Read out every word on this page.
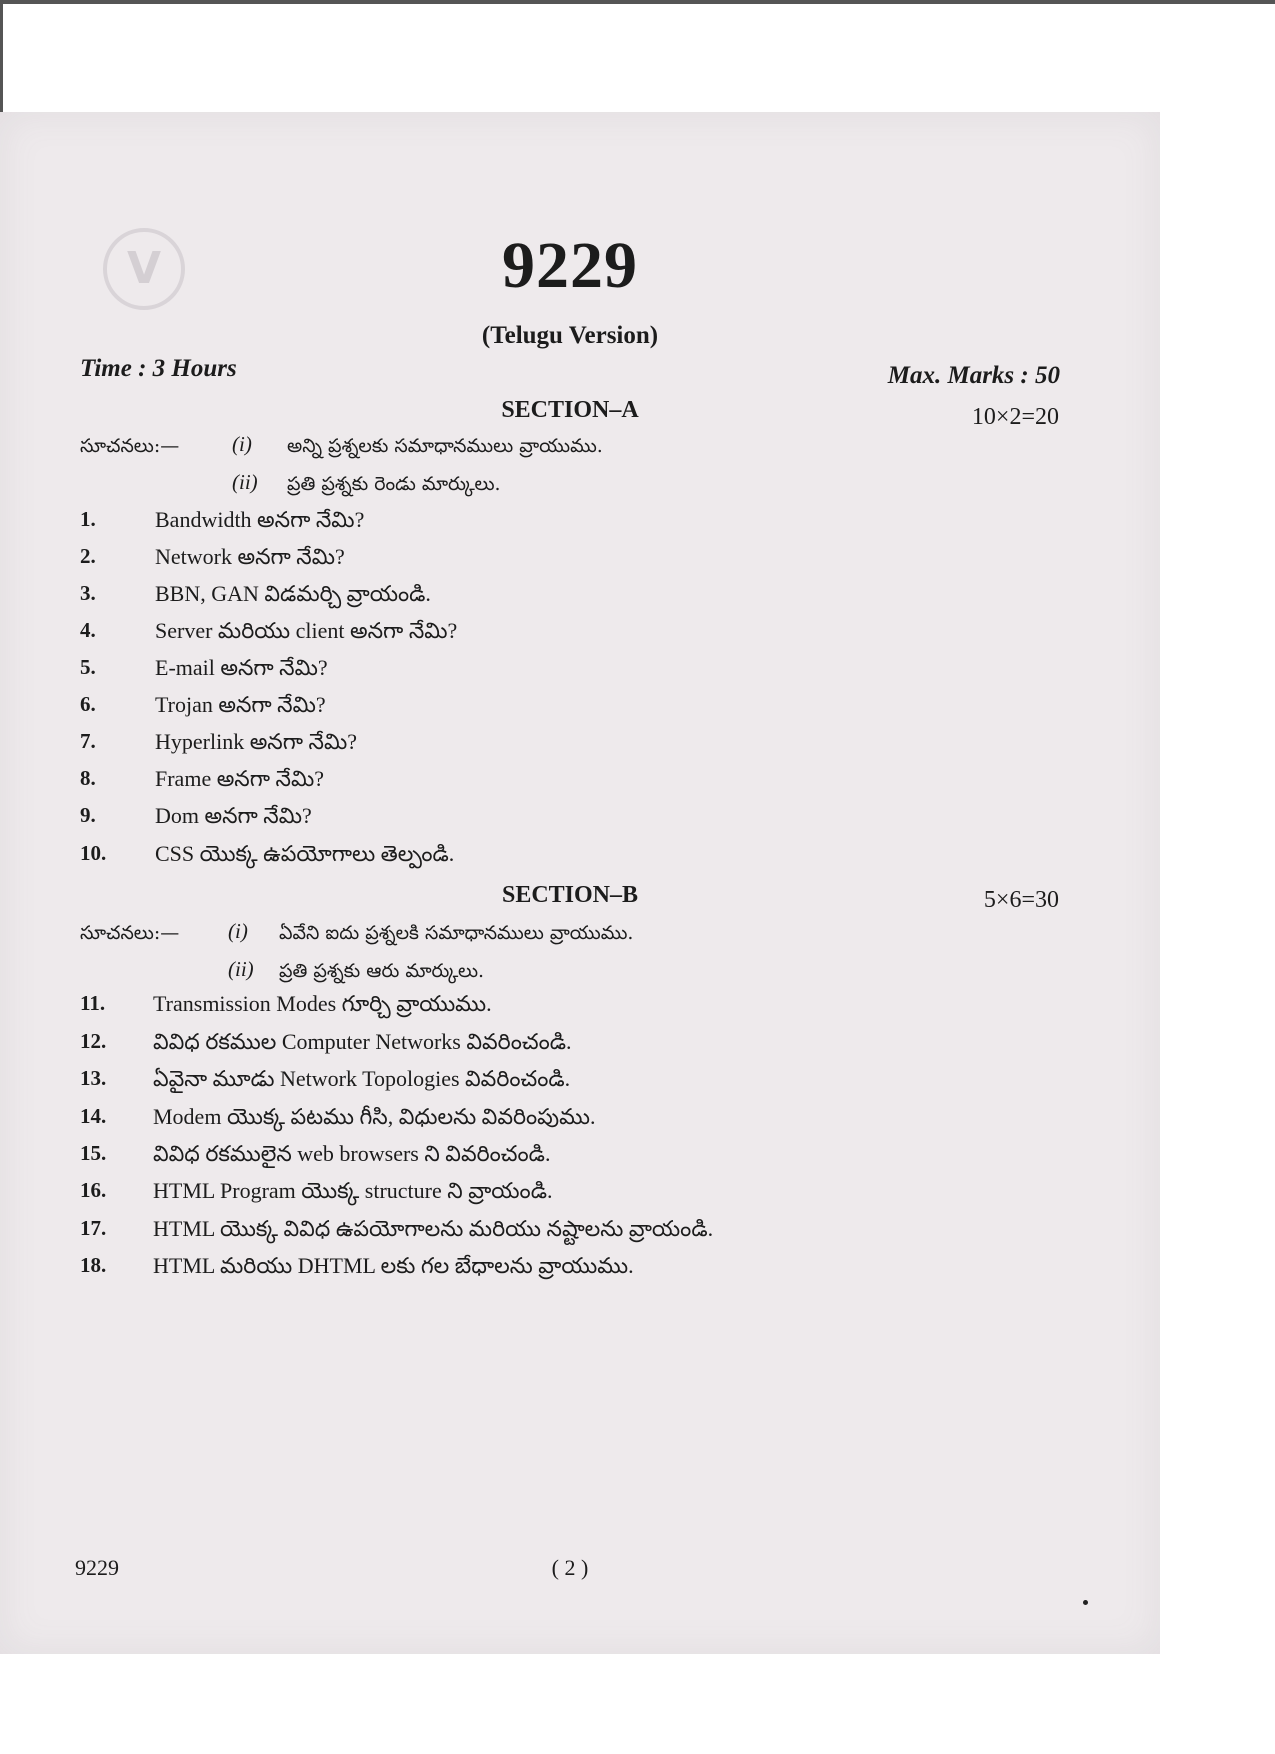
V	9229
(Telugu Version)
Time : 3 Hours	Max. Marks : 50
SECTION–A	10×2=20
సూచనలు:—	(i) అన్ని ప్రశ్నలకు సమాధానములు వ్రాయుము.
(ii) ప్రతి ప్రశ్నకు రెండు మార్కులు.
1.	Bandwidth అనగా నేమి?
2.	Network అనగా నేమి?
3.	BBN, GAN విడమర్చి వ్రాయండి.
4.	Server మరియు client అనగా నేమి?
5.	E-mail అనగా నేమి?
6.	Trojan అనగా నేమి?
7.	Hyperlink అనగా నేమి?
8.	Frame అనగా నేమి?
9.	Dom అనగా నేమి?
10. CSS యొక్క ఉపయోగాలు తెల్పండి.
SECTION–B	5×6=30
సూచనలు:— (i) ఏవేని ఐదు ప్రశ్నలకి సమాధానములు వ్రాయుము.
(ii) ప్రతి ప్రశ్నకు ఆరు మార్కులు.
11. Transmission Modes గూర్చి వ్రాయుము.
12. వివిధ రకముల Computer Networks వివరించండి.
13. ఏవైనా మూడు Network Topologies వివరించండి.
14. Modem యొక్క పటము గీసి, విధులను వివరింపుము.
15. వివిధ రకములైన web browsers ని వివరించండి.
16. HTML Program యొక్క structure ని వ్రాయండి.
17. HTML యొక్క వివిధ ఉపయోగాలను మరియు నష్టాలను వ్రాయండి.
18. HTML మరియు DHTML లకు గల బేధాలను వ్రాయుము.
9229	( 2 )
